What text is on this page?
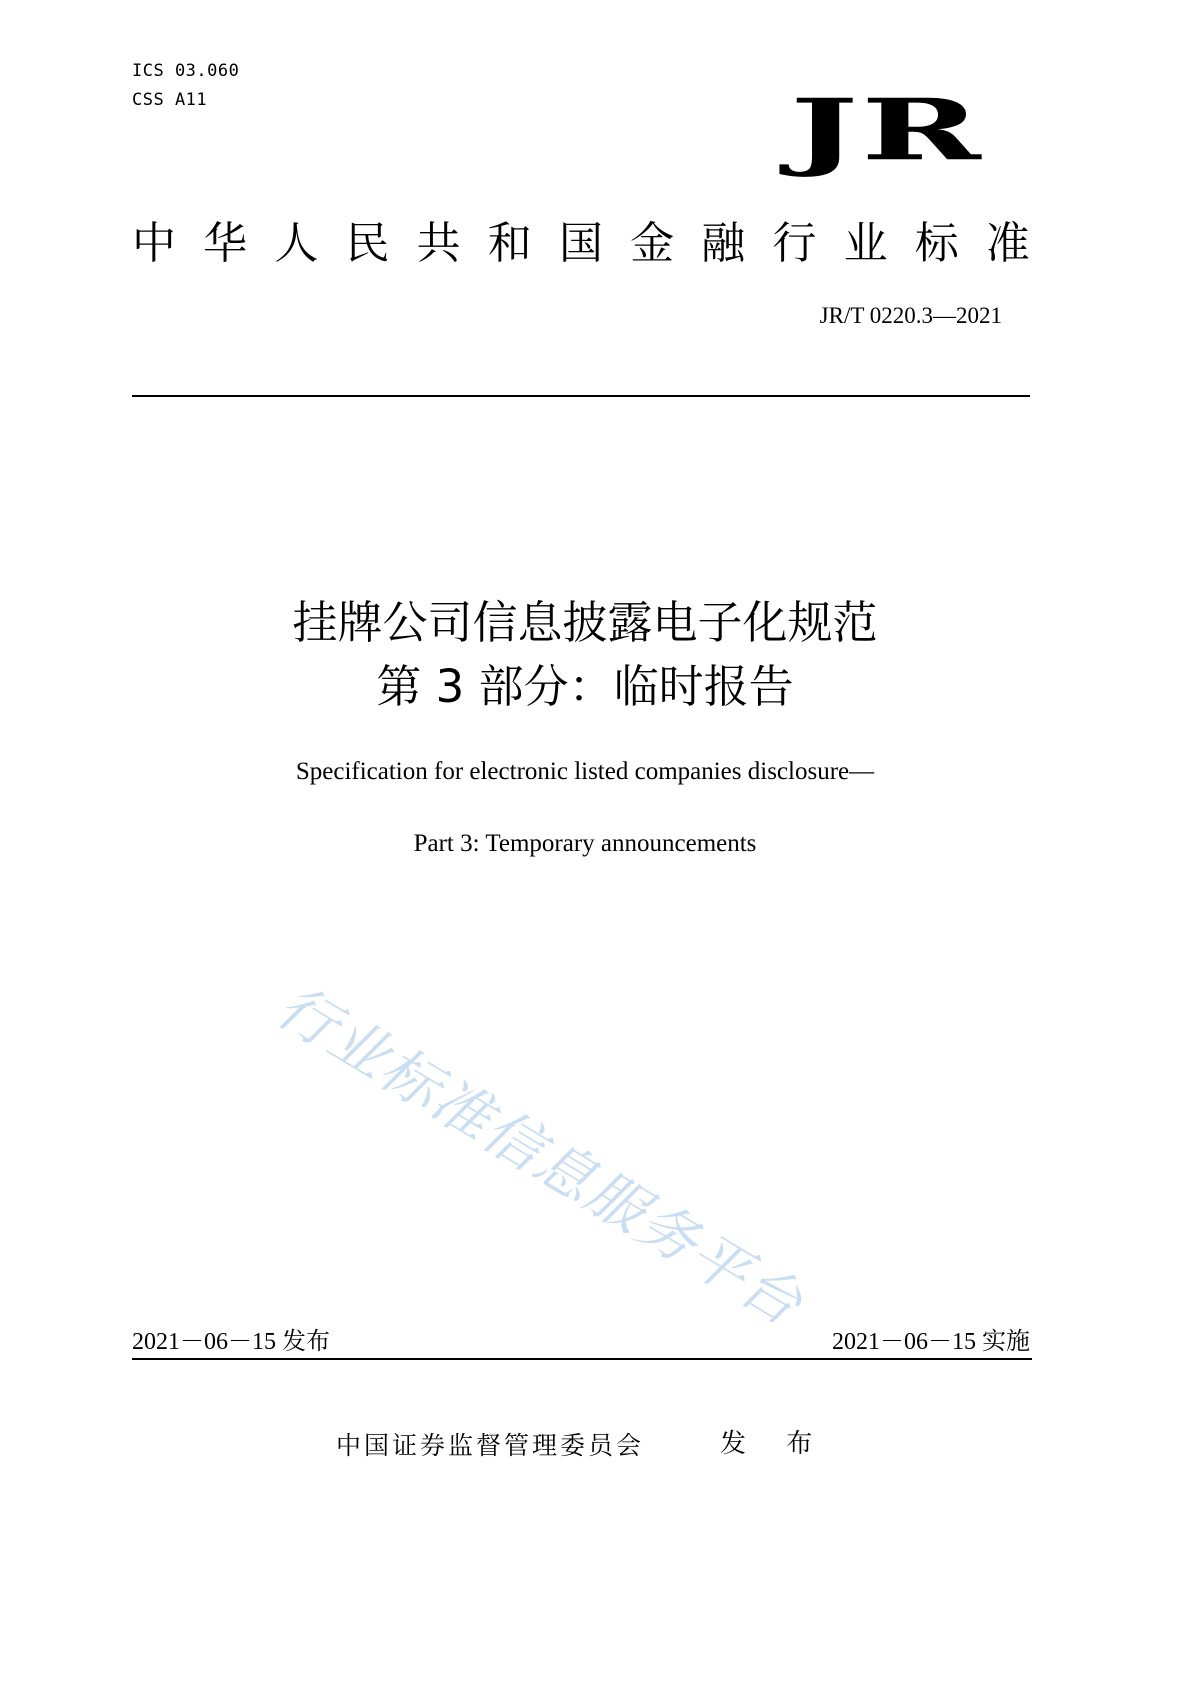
ICS 03.060
CSS A11	JR
中 华 人 民 共 和 国 金 融 行 业 标 准
JR/T 0220.3—2021
挂牌公司信息披露电子化规范
第 3 部分：临时报告
Specification for electronic listed companies disclosure—
Part 3: Temporary announcements
行业标准信息服务平台
2021－06－15 发布	2021－06－15 实施
中国证券监督管理委员会	发 布
